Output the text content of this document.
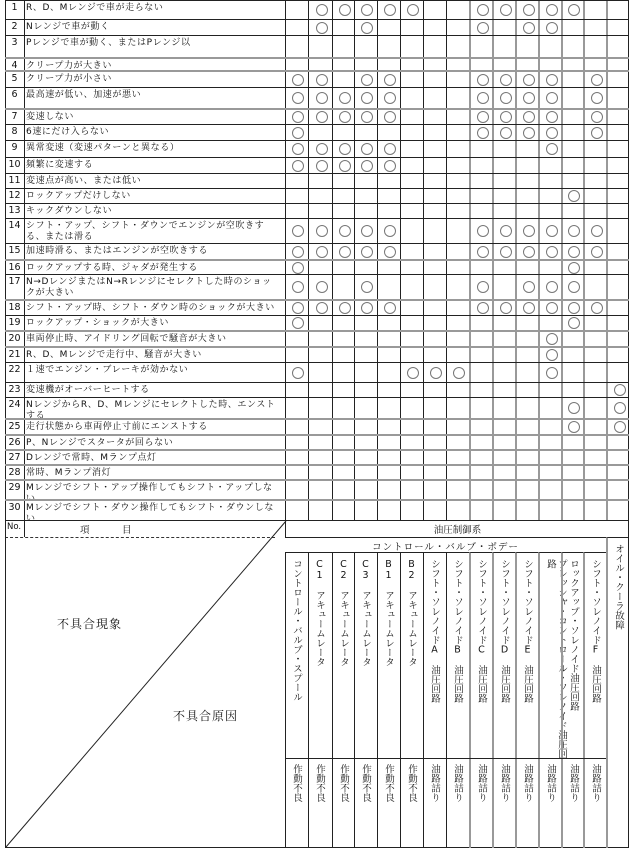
1 R、D、Mレンジで車が走らない
2 Nレンジで車が動く
3 Pレンジで車が動く、またはPレンジ以
4 クリープ力が大きい
5 クリープ力が小さい
6 最高速が低い、加速が悪い
7 変速しない
8 6速にだけ入らない
9 異常変速（変速パターンと異なる）
10 頻繁に変速する
11 変速点が高い、または低い
12 ロックアップだけしない
13 キックダウンしない
14 シフト・アップ、シフト・ダウンでエンジンが空吹きする、または滑る
15 加速時滑る、またはエンジンが空吹きする
16 ロックアップする時、ジャダが発生する
17 N→DレンジまたはN→Rレンジにセレクトした時のショックが大きい
18 シフト・アップ時、シフト・ダウン時のショックが大きい
19 ロックアップ・ショックが大きい
20 車両停止時、アイドリング回転で騒音が大きい
21 R、D、Mレンジで走行中、騒音が大きい
22 １速でエンジン・ブレーキが効かない
23 変速機がオーバーヒートする
24 NレンジからR、D、Mレンジにセレクトした時、エンストする
25 走行状態から車両停止寸前にエンストする
26 P、Nレンジでスタータが回らない
27 Dレンジで常時、Mランプ点灯
28 常時、Mランプ消灯
29 Mレンジでシフト・アップ操作してもシフト・アップしない
30 Mレンジでシフト・ダウン操作してもシフト・ダウンしない
No.	項　　　目
不具合現象
不具合原因
油圧制御系
コントロール・バルブ・ボデー
コントロール・バルブ・スプール
作動不良
C1　アキュームレータ
作動不良
C2　アキュームレータ
作動不良
C3　アキュームレータ
作動不良
B1　アキュームレータ
作動不良
B2　アキュームレータ
作動不良
シフト・ソレノイドA　油圧回路
油路詰り
シフト・ソレノイドB　油圧回路
油路詰り
シフト・ソレノイドC　油圧回路
油路詰り
シフト・ソレノイドD　油圧回路
油路詰り
シフト・ソレノイドE　油圧回路
油路詰り
プレッシャ・コントロール・ソレノイド油圧回路
油路詰り
ロックアップ・ソレノイド油圧回路
油路詰り
シフト・ソレノイドF　油圧回路
油路詰り
オイル・クーラ故障
